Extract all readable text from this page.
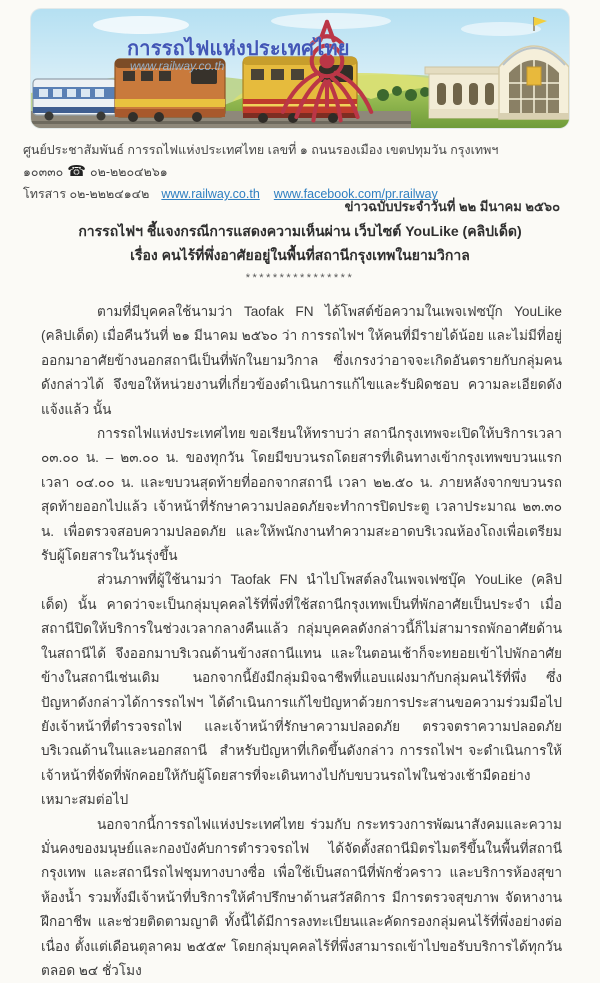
การรถไฟแห่งประเทศไทย
www.railway.co.th
ศูนย์ประชาสัมพันธ์ การรถไฟแห่งประเทศไทย เลขที่ ๑ ถนนรองเมือง เขตปทุมวัน กรุงเทพฯ ๑๐๓๓๐ ☎ ๐๒-๒๒๐๔๒๖๑
โทรสาร ๐๒-๒๒๒๔๑๔๒ www.railway.co.th www.facebook.com/pr.railway
ข่าวฉบับประจำวันที่ ๒๒ มีนาคม ๒๕๖๐
การรถไฟฯ ชี้แจงกรณีการแสดงความเห็นผ่าน เว็บไซต์ YouLike (คลิปเด็ด)
เรื่อง คนไร้ที่พึ่งอาศัยอยู่ในพื้นที่สถานีกรุงเทพในยามวิกาล
****************

ตามที่มีบุคคลใช้นามว่า Taofak FN ได้โพสต์ข้อความในเพจเฟซบุ๊ก YouLike (คลิปเด็ด) เมื่อคืนวันที่ ๒๑ มีนาคม ๒๕๖๐ ว่า การรถไฟฯ ให้คนที่มีรายได้น้อย และไม่มีที่อยู่ ออกมาอาศัยข้างนอกสถานีเป็นที่พักในยามวิกาล ซึ่งเกรงว่าอาจจะเกิดอันตรายกับกลุ่มคนดังกล่าวได้ จึงขอให้หน่วยงานที่เกี่ยวข้องดำเนินการแก้ไขและรับผิดชอบ ความละเอียดดังแจ้งแล้ว นั้น

การรถไฟแห่งประเทศไทย ขอเรียนให้ทราบว่า สถานีกรุงเทพจะเปิดให้บริการเวลา ๐๓.๐๐ น. – ๒๓.๐๐ น. ของทุกวัน โดยมีขบวนรถโดยสารที่เดินทางเข้ากรุงเทพขบวนแรก เวลา ๐๔.๐๐ น. และขบวนสุดท้ายที่ออกจากสถานี เวลา ๒๒.๕๐ น. ภายหลังจากขบวนรถสุดท้ายออกไปแล้ว เจ้าหน้าที่รักษาความปลอดภัยจะทำการปิดประตู เวลาประมาณ ๒๓.๓๐ น. เพื่อตรวจสอบความปลอดภัย และให้พนักงานทำความสะอาดบริเวณห้องโถงเพื่อเตรียมรับผู้โดยสารในวันรุ่งขึ้น

ส่วนภาพที่ผู้ใช้นามว่า Taofak FN นำไปโพสต์ลงในเพจเฟซบุ๊ค YouLike (คลิปเด็ด) นั้น คาดว่าจะเป็นกลุ่มบุคคลไร้ที่พึ่งที่ใช้สถานีกรุงเทพเป็นที่พักอาศัยเป็นประจำ เมื่อสถานีปิดให้บริการในช่วงเวลากลางคืนแล้ว กลุ่มบุคคลดังกล่าวนี้ก็ไม่สามารถพักอาศัยด้านในสถานีได้ จึงออกมาบริเวณด้านข้างสถานีแทน และในตอนเช้าก็จะทยอยเข้าไปพักอาศัยข้างในสถานีเช่นเดิม  นอกจากนี้ยังมีกลุ่มมิจฉาชีพที่แอบแฝงมากับกลุ่มคนไร้ที่พึ่ง ซึ่งปัญหาดังกล่าวได้การรถไฟฯ ได้ดำเนินการแก้ไขปัญหาด้วยการประสานขอความร่วมมือไปยังเจ้าหน้าที่ตำรวจรถไฟ และเจ้าหน้าที่รักษาความปลอดภัย ตรวจตราความปลอดภัยบริเวณด้านในและนอกสถานี  สำหรับปัญหาที่เกิดขึ้นดังกล่าว การรถไฟฯ จะดำเนินการให้เจ้าหน้าที่จัดที่พักคอยให้กับผู้โดยสารที่จะเดินทางไปกับขบวนรถไฟในช่วงเช้ามืดอย่างเหมาะสมต่อไป

นอกจากนี้การรถไฟแห่งประเทศไทย ร่วมกับ กระทรวงการพัฒนาสังคมและความมั่นคงของมนุษย์และกองบังคับการตำรวจรถไฟ ได้จัดตั้งสถานีมิตรไมตรีขึ้นในพื้นที่สถานีกรุงเทพ และสถานีรถไฟชุมทางบางซื่อ เพื่อใช้เป็นสถานีที่พักชั่วคราว และบริการห้องสุขา ห้องน้ำ รวมทั้งมีเจ้าหน้าที่บริการให้คำปรึกษาด้านสวัสดิการ มีการตรวจสุขภาพ จัดหางาน ฝึกอาชีพ และช่วยติดตามญาติ ทั้งนี้ได้มีการลงทะเบียนและคัดกรองกลุ่มคนไร้ที่พึ่งอย่างต่อเนื่อง ตั้งแต่เดือนตุลาคม ๒๕๕๙ โดยกลุ่มบุคคลไร้ที่พึ่งสามารถเข้าไปขอรับบริการได้ทุกวันตลอด ๒๔ ชั่วโมง
